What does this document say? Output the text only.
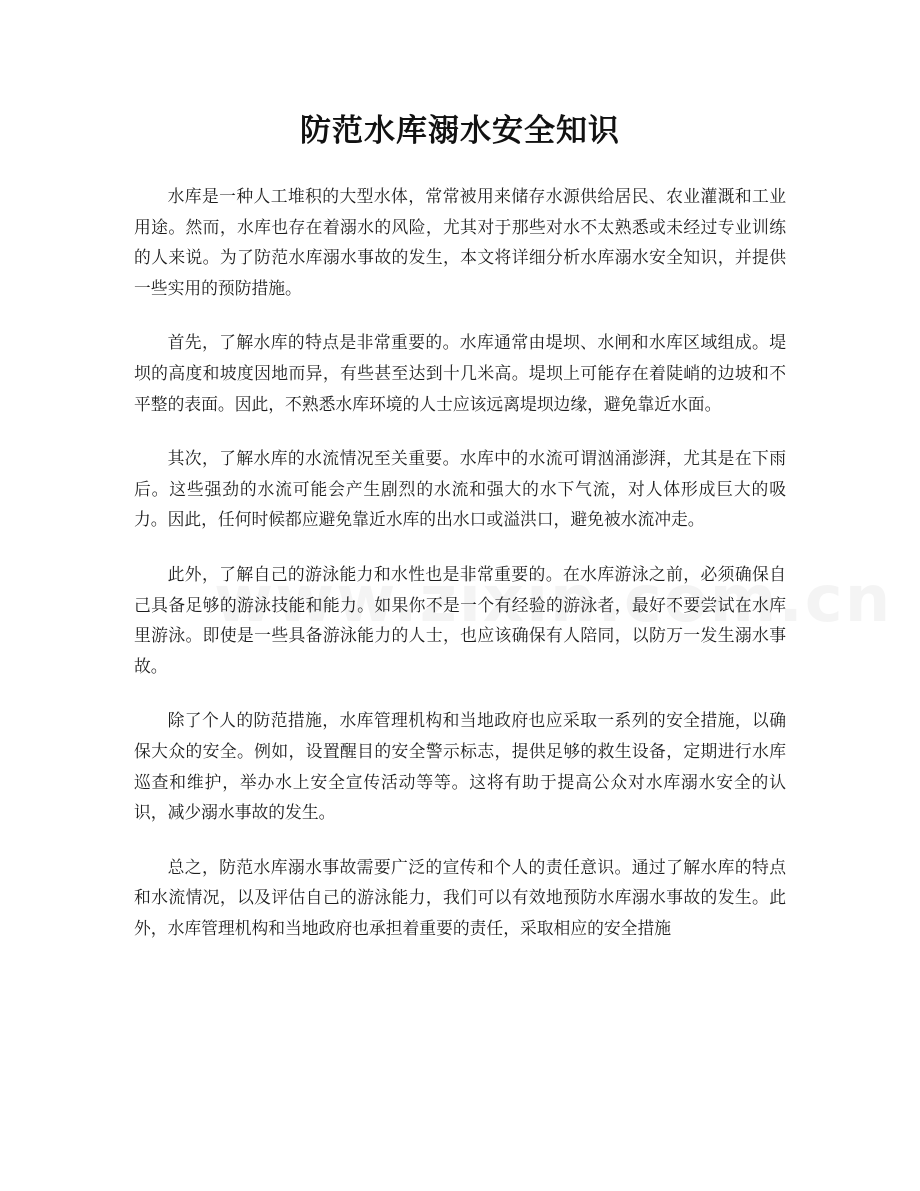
防范水库溺水安全知识

水库是一种人工堆积的大型水体，常常被用来储存水源供给居民、农业灌溉和工业用途。然而，水库也存在着溺水的风险，尤其对于那些对水不太熟悉或未经过专业训练的人来说。为了防范水库溺水事故的发生，本文将详细分析水库溺水安全知识，并提供一些实用的预防措施。

首先，了解水库的特点是非常重要的。水库通常由堤坝、水闸和水库区域组成。堤坝的高度和坡度因地而异，有些甚至达到十几米高。堤坝上可能存在着陡峭的边坡和不平整的表面。因此，不熟悉水库环境的人士应该远离堤坝边缘，避免靠近水面。

其次，了解水库的水流情况至关重要。水库中的水流可谓汹涌澎湃，尤其是在下雨后。这些强劲的水流可能会产生剧烈的水流和强大的水下气流，对人体形成巨大的吸力。因此，任何时候都应避免靠近水库的出水口或溢洪口，避免被水流冲走。

此外，了解自己的游泳能力和水性也是非常重要的。在水库游泳之前，必须确保自己具备足够的游泳技能和能力。如果你不是一个有经验的游泳者，最好不要尝试在水库里游泳。即使是一些具备游泳能力的人士，也应该确保有人陪同，以防万一发生溺水事故。

除了个人的防范措施，水库管理机构和当地政府也应采取一系列的安全措施，以确保大众的安全。例如，设置醒目的安全警示标志，提供足够的救生设备，定期进行水库巡查和维护，举办水上安全宣传活动等等。这将有助于提高公众对水库溺水安全的认识，减少溺水事故的发生。

总之，防范水库溺水事故需要广泛的宣传和个人的责任意识。通过了解水库的特点和水流情况，以及评估自己的游泳能力，我们可以有效地预防水库溺水事故的发生。此外，水库管理机构和当地政府也承担着重要的责任，采取相应的安全措施
